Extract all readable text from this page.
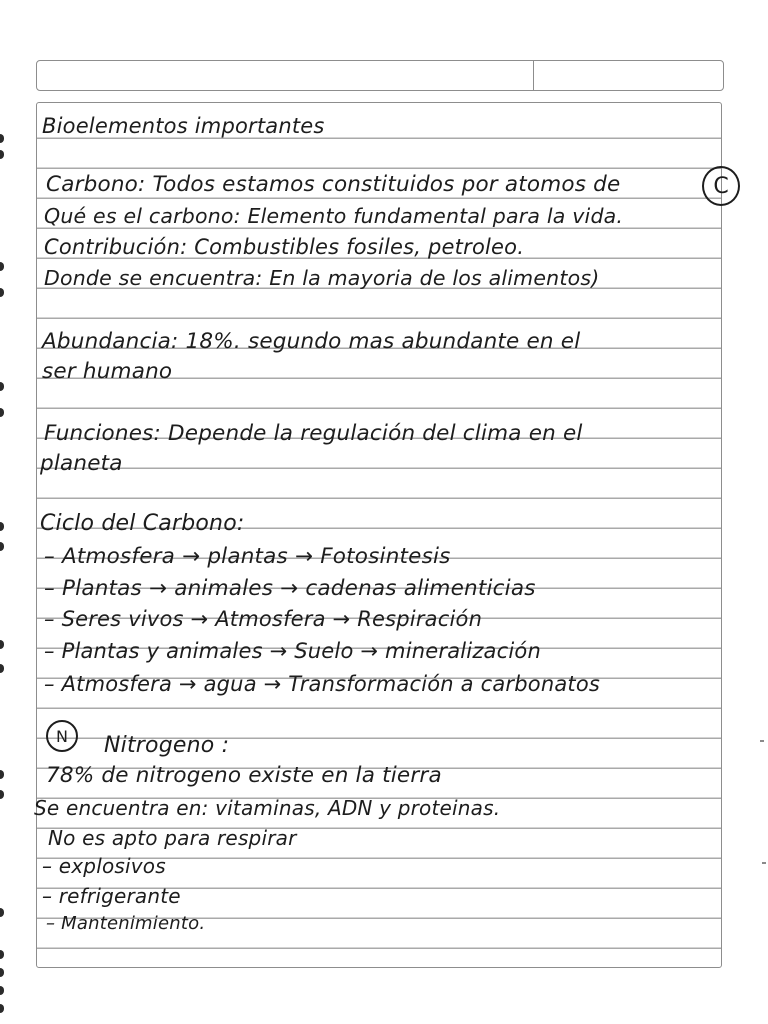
Bioelementos importantes

Carbono: Todos estamos constituidos por atomos de

Qué es el carbono: Elemento fundamental para la vida.

Contribución: Combustibles fosiles, petroleo.

Donde se encuentra: En la mayoria de los alimentos)

Abundancia: 18%. segundo mas abundante en el

ser humano

Funciones: Depende la regulación del clima en el

planeta

Ciclo del Carbono:

– Atmosfera → plantas → Fotosintesis

– Plantas → animales → cadenas alimenticias

– Seres vivos → Atmosfera → Respiración

– Plantas y animales → Suelo → mineralización

– Atmosfera → agua → Transformación a carbonatos

Nitrogeno :

78% de nitrogeno existe en la tierra

Se encuentra en: vitaminas, ADN y proteinas.

No es apto para respirar

– explosivos

– refrigerante

– Mantenimiento.

C
N
